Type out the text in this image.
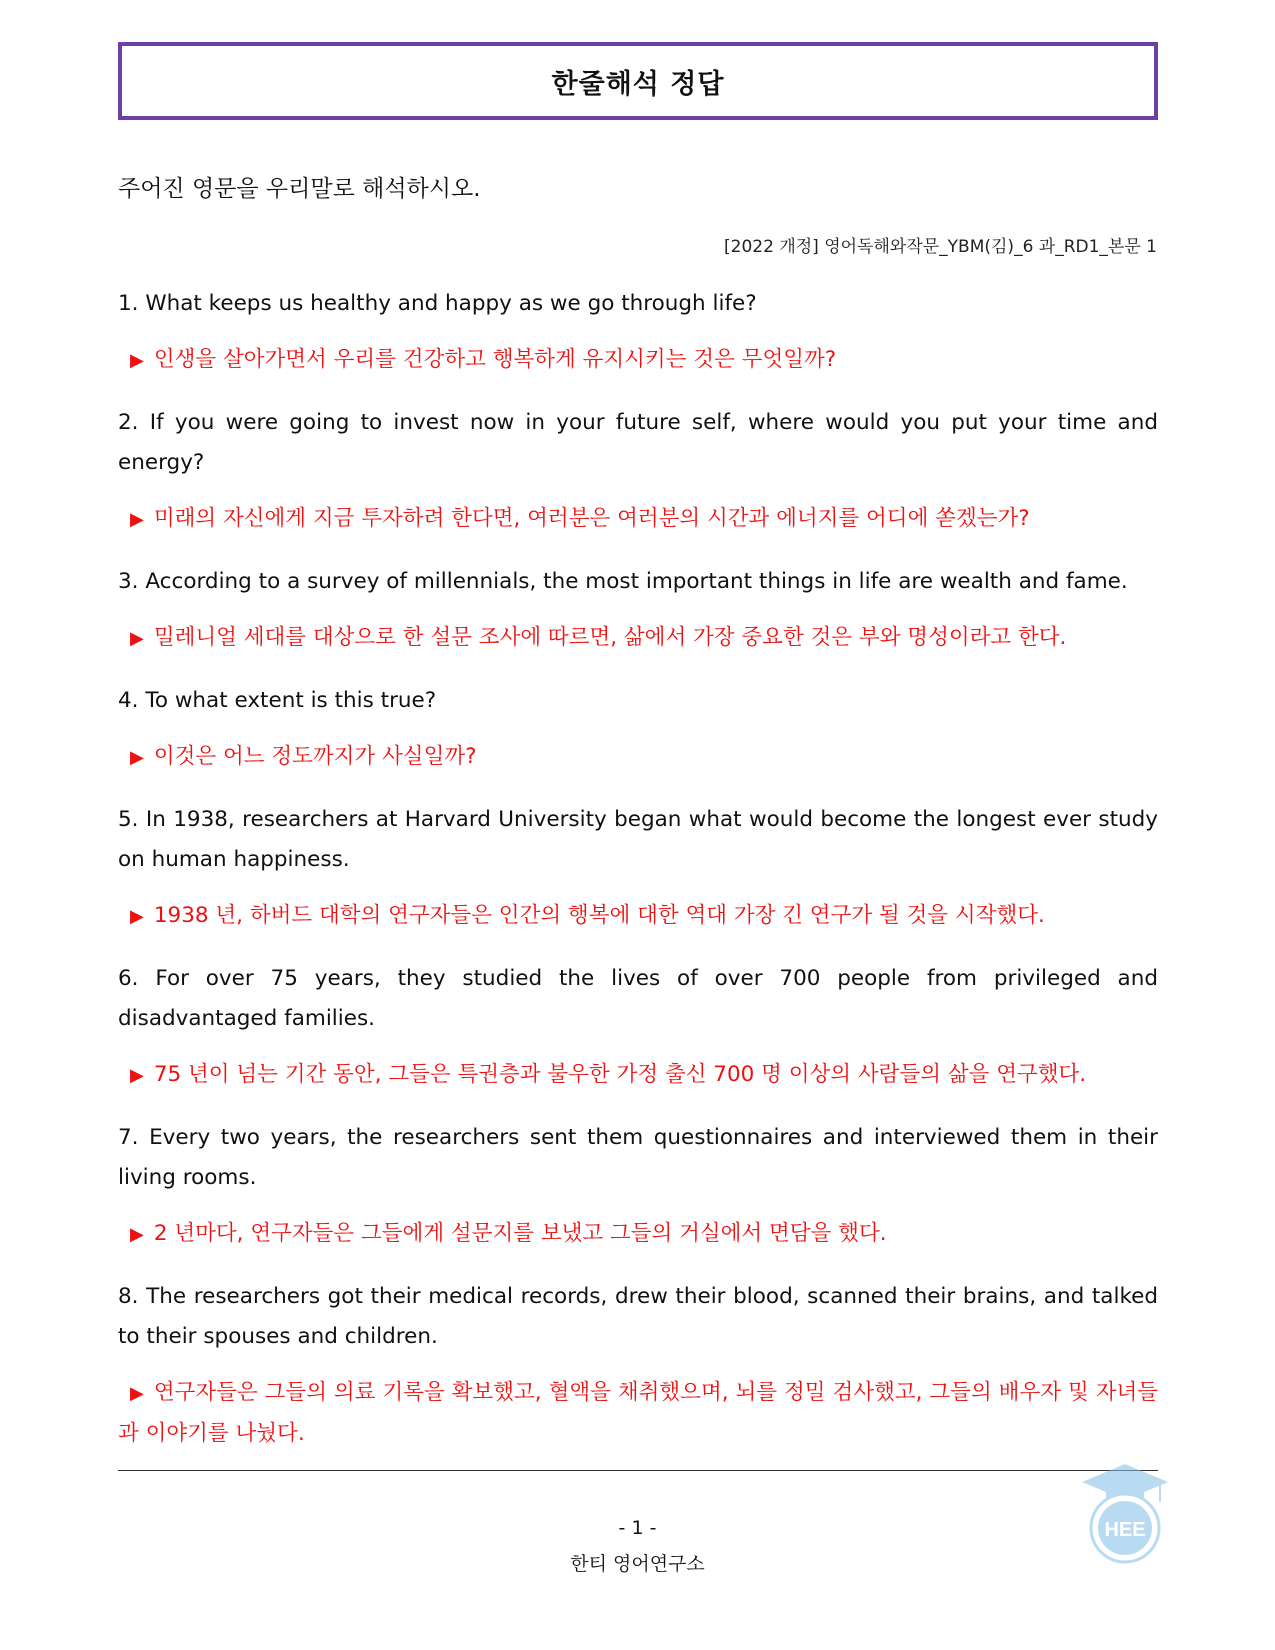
한줄해석 정답
주어진 영문을 우리말로 해석하시오.
[2022 개정] 영어독해와작문_YBM(김)_6 과_RD1_본문 1

1. What keeps us healthy and happy as we go through life?

▶ 인생을 살아가면서 우리를 건강하고 행복하게 유지시키는 것은 무엇일까?

2. If you were going to invest now in your future self, where would you put your time and energy?

▶ 미래의 자신에게 지금 투자하려 한다면, 여러분은 여러분의 시간과 에너지를 어디에 쏟겠는가?

3. According to a survey of millennials, the most important things in life are wealth and fame.

▶ 밀레니얼 세대를 대상으로 한 설문 조사에 따르면, 삶에서 가장 중요한 것은 부와 명성이라고 한다.

4. To what extent is this true?

▶ 이것은 어느 정도까지가 사실일까?

5. In 1938, researchers at Harvard University began what would become the longest ever study on human happiness.

▶ 1938 년, 하버드 대학의 연구자들은 인간의 행복에 대한 역대 가장 긴 연구가 될 것을 시작했다.

6. For over 75 years, they studied the lives of over 700 people from privileged and disadvantaged families.

▶ 75 년이 넘는 기간 동안, 그들은 특권층과 불우한 가정 출신 700 명 이상의 사람들의 삶을 연구했다.

7. Every two years, the researchers sent them questionnaires and interviewed them in their living rooms.

▶ 2 년마다, 연구자들은 그들에게 설문지를 보냈고 그들의 거실에서 면담을 했다.

8. The researchers got their medical records, drew their blood, scanned their brains, and talked to their spouses and children.

▶ 연구자들은 그들의 의료 기록을 확보했고, 혈액을 채취했으며, 뇌를 정밀 검사했고, 그들의 배우자 및 자녀들과 이야기를 나눴다.

HEE
- 1 -
한티 영어연구소
